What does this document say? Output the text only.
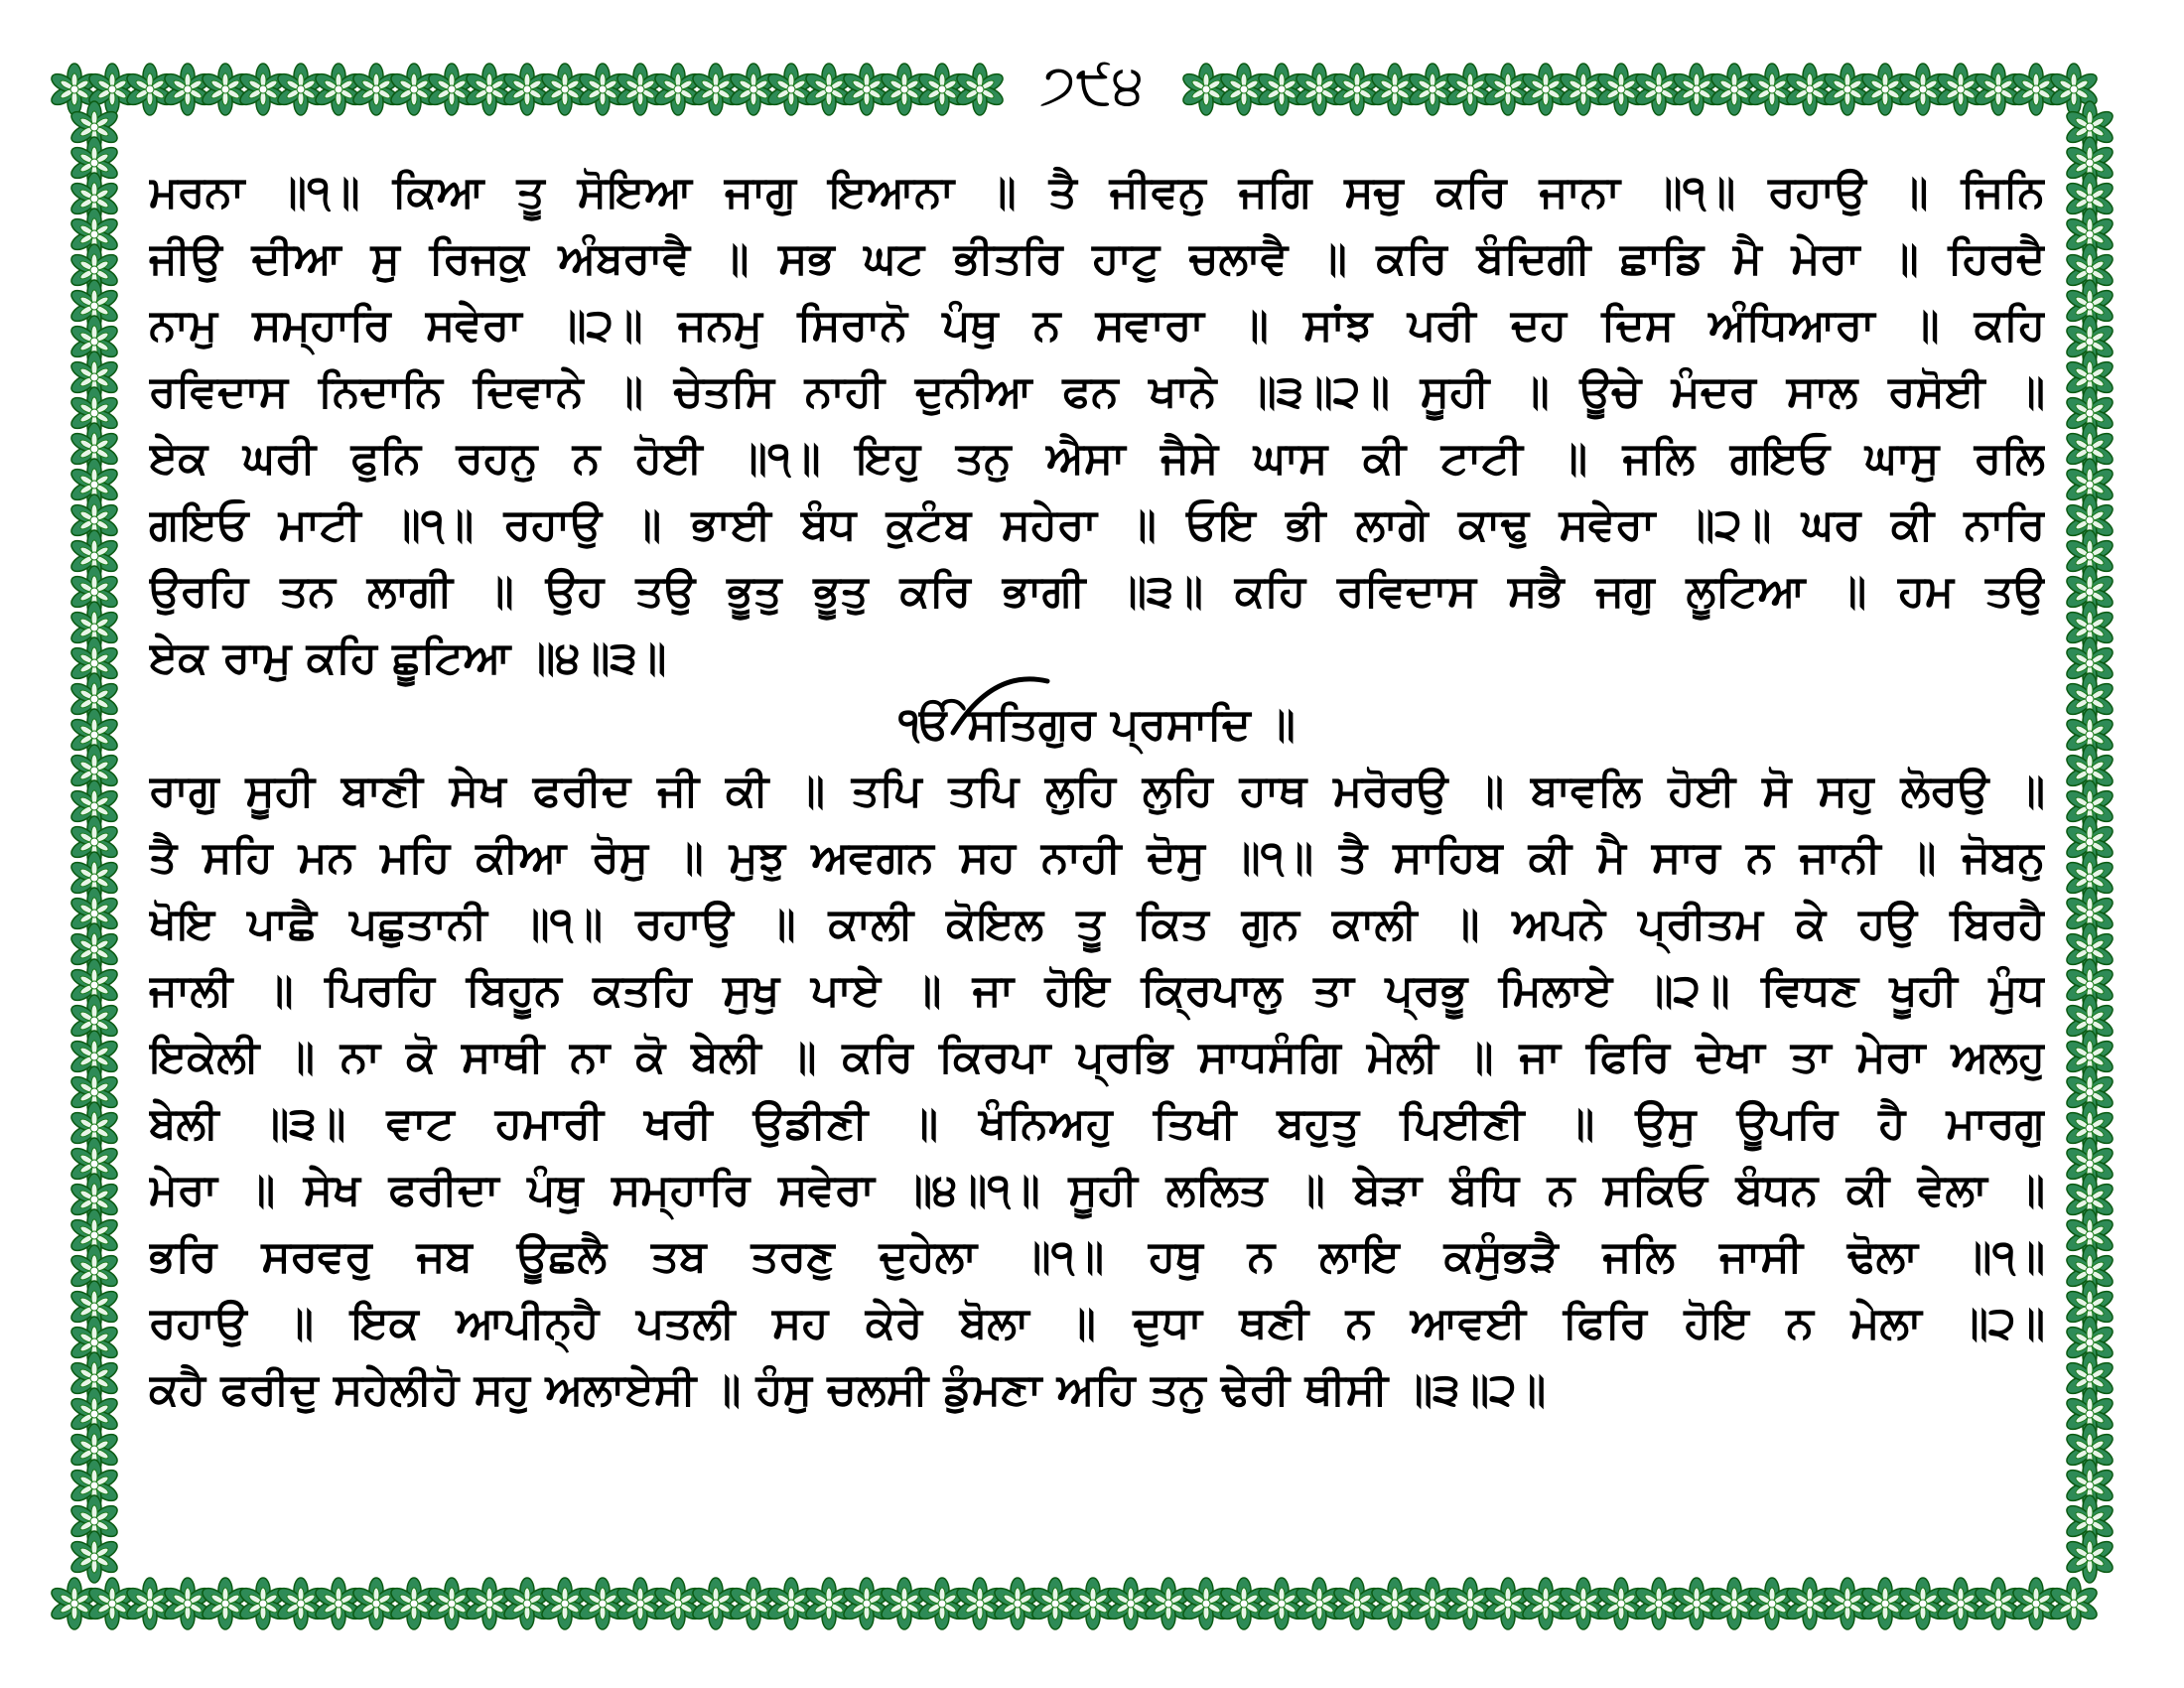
੭੯੪
ਮਰਨਾ ॥੧॥ ਕਿਆ ਤੂ ਸੋਇਆ ਜਾਗੁ ਇਆਨਾ ॥ ਤੈ ਜੀਵਨੁ ਜਗਿ ਸਚੁ ਕਰਿ ਜਾਨਾ ॥੧॥ ਰਹਾਉ ॥ ਜਿਨਿ
ਜੀਉ ਦੀਆ ਸੁ ਰਿਜਕੁ ਅੰਬਰਾਵੈ ॥ ਸਭ ਘਟ ਭੀਤਰਿ ਹਾਟੁ ਚਲਾਵੈ ॥ ਕਰਿ ਬੰਦਿਗੀ ਛਾਡਿ ਮੈ ਮੇਰਾ ॥ ਹਿਰਦੈ
ਨਾਮੁ ਸਮ੍ਹਾਰਿ ਸਵੇਰਾ ॥੨॥ ਜਨਮੁ ਸਿਰਾਨੋ ਪੰਥੁ ਨ ਸਵਾਰਾ ॥ ਸਾਂਝ ਪਰੀ ਦਹ ਦਿਸ ਅੰਧਿਆਰਾ ॥ ਕਹਿ
ਰਵਿਦਾਸ ਨਿਦਾਨਿ ਦਿਵਾਨੇ ॥ ਚੇਤਸਿ ਨਾਹੀ ਦੁਨੀਆ ਫਨ ਖਾਨੇ ॥੩॥੨॥ ਸੂਹੀ ॥ ਊਚੇ ਮੰਦਰ ਸਾਲ ਰਸੋਈ ॥
ਏਕ ਘਰੀ ਫੁਨਿ ਰਹਨੁ ਨ ਹੋਈ ॥੧॥ ਇਹੁ ਤਨੁ ਐਸਾ ਜੈਸੇ ਘਾਸ ਕੀ ਟਾਟੀ ॥ ਜਲਿ ਗਇਓ ਘਾਸੁ ਰਲਿ
ਗਇਓ ਮਾਟੀ ॥੧॥ ਰਹਾਉ ॥ ਭਾਈ ਬੰਧ ਕੁਟੰਬ ਸਹੇਰਾ ॥ ਓਇ ਭੀ ਲਾਗੇ ਕਾਢੁ ਸਵੇਰਾ ॥੨॥ ਘਰ ਕੀ ਨਾਰਿ
ਉਰਹਿ ਤਨ ਲਾਗੀ ॥ ਉਹ ਤਉ ਭੂਤੁ ਭੂਤੁ ਕਰਿ ਭਾਗੀ ॥੩॥ ਕਹਿ ਰਵਿਦਾਸ ਸਭੈ ਜਗੁ ਲੂਟਿਆ ॥ ਹਮ ਤਉ
ਏਕ ਰਾਮੁ ਕਹਿ ਛੂਟਿਆ ॥੪॥੩॥
ੴ ਸਤਿਗੁਰ ਪ੍ਰਸਾਦਿ ॥
ਰਾਗੁ ਸੂਹੀ ਬਾਣੀ ਸੇਖ ਫਰੀਦ ਜੀ ਕੀ ॥ ਤਪਿ ਤਪਿ ਲੁਹਿ ਲੁਹਿ ਹਾਥ ਮਰੋਰਉ ॥ ਬਾਵਲਿ ਹੋਈ ਸੋ ਸਹੁ ਲੋਰਉ ॥
ਤੈ ਸਹਿ ਮਨ ਮਹਿ ਕੀਆ ਰੋਸੁ ॥ ਮੁਝੁ ਅਵਗਨ ਸਹ ਨਾਹੀ ਦੋਸੁ ॥੧॥ ਤੈ ਸਾਹਿਬ ਕੀ ਮੈ ਸਾਰ ਨ ਜਾਨੀ ॥ ਜੋਬਨੁ
ਖੋਇ ਪਾਛੈ ਪਛੁਤਾਨੀ ॥੧॥ ਰਹਾਉ ॥ ਕਾਲੀ ਕੋਇਲ ਤੂ ਕਿਤ ਗੁਨ ਕਾਲੀ ॥ ਅਪਨੇ ਪ੍ਰੀਤਮ ਕੇ ਹਉ ਬਿਰਹੈ
ਜਾਲੀ ॥ ਪਿਰਹਿ ਬਿਹੂਨ ਕਤਹਿ ਸੁਖੁ ਪਾਏ ॥ ਜਾ ਹੋਇ ਕ੍ਰਿਪਾਲੁ ਤਾ ਪ੍ਰਭੂ ਮਿਲਾਏ ॥੨॥ ਵਿਧਣ ਖੂਹੀ ਮੁੰਧ
ਇਕੇਲੀ ॥ ਨਾ ਕੋ ਸਾਥੀ ਨਾ ਕੋ ਬੇਲੀ ॥ ਕਰਿ ਕਿਰਪਾ ਪ੍ਰਭਿ ਸਾਧਸੰਗਿ ਮੇਲੀ ॥ ਜਾ ਫਿਰਿ ਦੇਖਾ ਤਾ ਮੇਰਾ ਅਲਹੁ
ਬੇਲੀ ॥੩॥ ਵਾਟ ਹਮਾਰੀ ਖਰੀ ਉਡੀਣੀ ॥ ਖੰਨਿਅਹੁ ਤਿਖੀ ਬਹੁਤੁ ਪਿਈਣੀ ॥ ਉਸੁ ਊਪਰਿ ਹੈ ਮਾਰਗੁ
ਮੇਰਾ ॥ ਸੇਖ ਫਰੀਦਾ ਪੰਥੁ ਸਮ੍ਹਾਰਿ ਸਵੇਰਾ ॥੪॥੧॥ ਸੂਹੀ ਲਲਿਤ ॥ ਬੇੜਾ ਬੰਧਿ ਨ ਸਕਿਓ ਬੰਧਨ ਕੀ ਵੇਲਾ ॥
ਭਰਿ ਸਰਵਰੁ ਜਬ ਊਛਲੈ ਤਬ ਤਰਣੁ ਦੁਹੇਲਾ ॥੧॥ ਹਥੁ ਨ ਲਾਇ ਕਸੁੰਭੜੈ ਜਲਿ ਜਾਸੀ ਢੋਲਾ ॥੧॥
ਰਹਾਉ ॥ ਇਕ ਆਪੀਨ੍ਹੈ ਪਤਲੀ ਸਹ ਕੇਰੇ ਬੋਲਾ ॥ ਦੁਧਾ ਥਣੀ ਨ ਆਵਈ ਫਿਰਿ ਹੋਇ ਨ ਮੇਲਾ ॥੨॥
ਕਹੈ ਫਰੀਦੁ ਸਹੇਲੀਹੋ ਸਹੁ ਅਲਾਏਸੀ ॥ ਹੰਸੁ ਚਲਸੀ ਡੁੰਮਣਾ ਅਹਿ ਤਨੁ ਢੇਰੀ ਥੀਸੀ ॥੩॥੨॥
